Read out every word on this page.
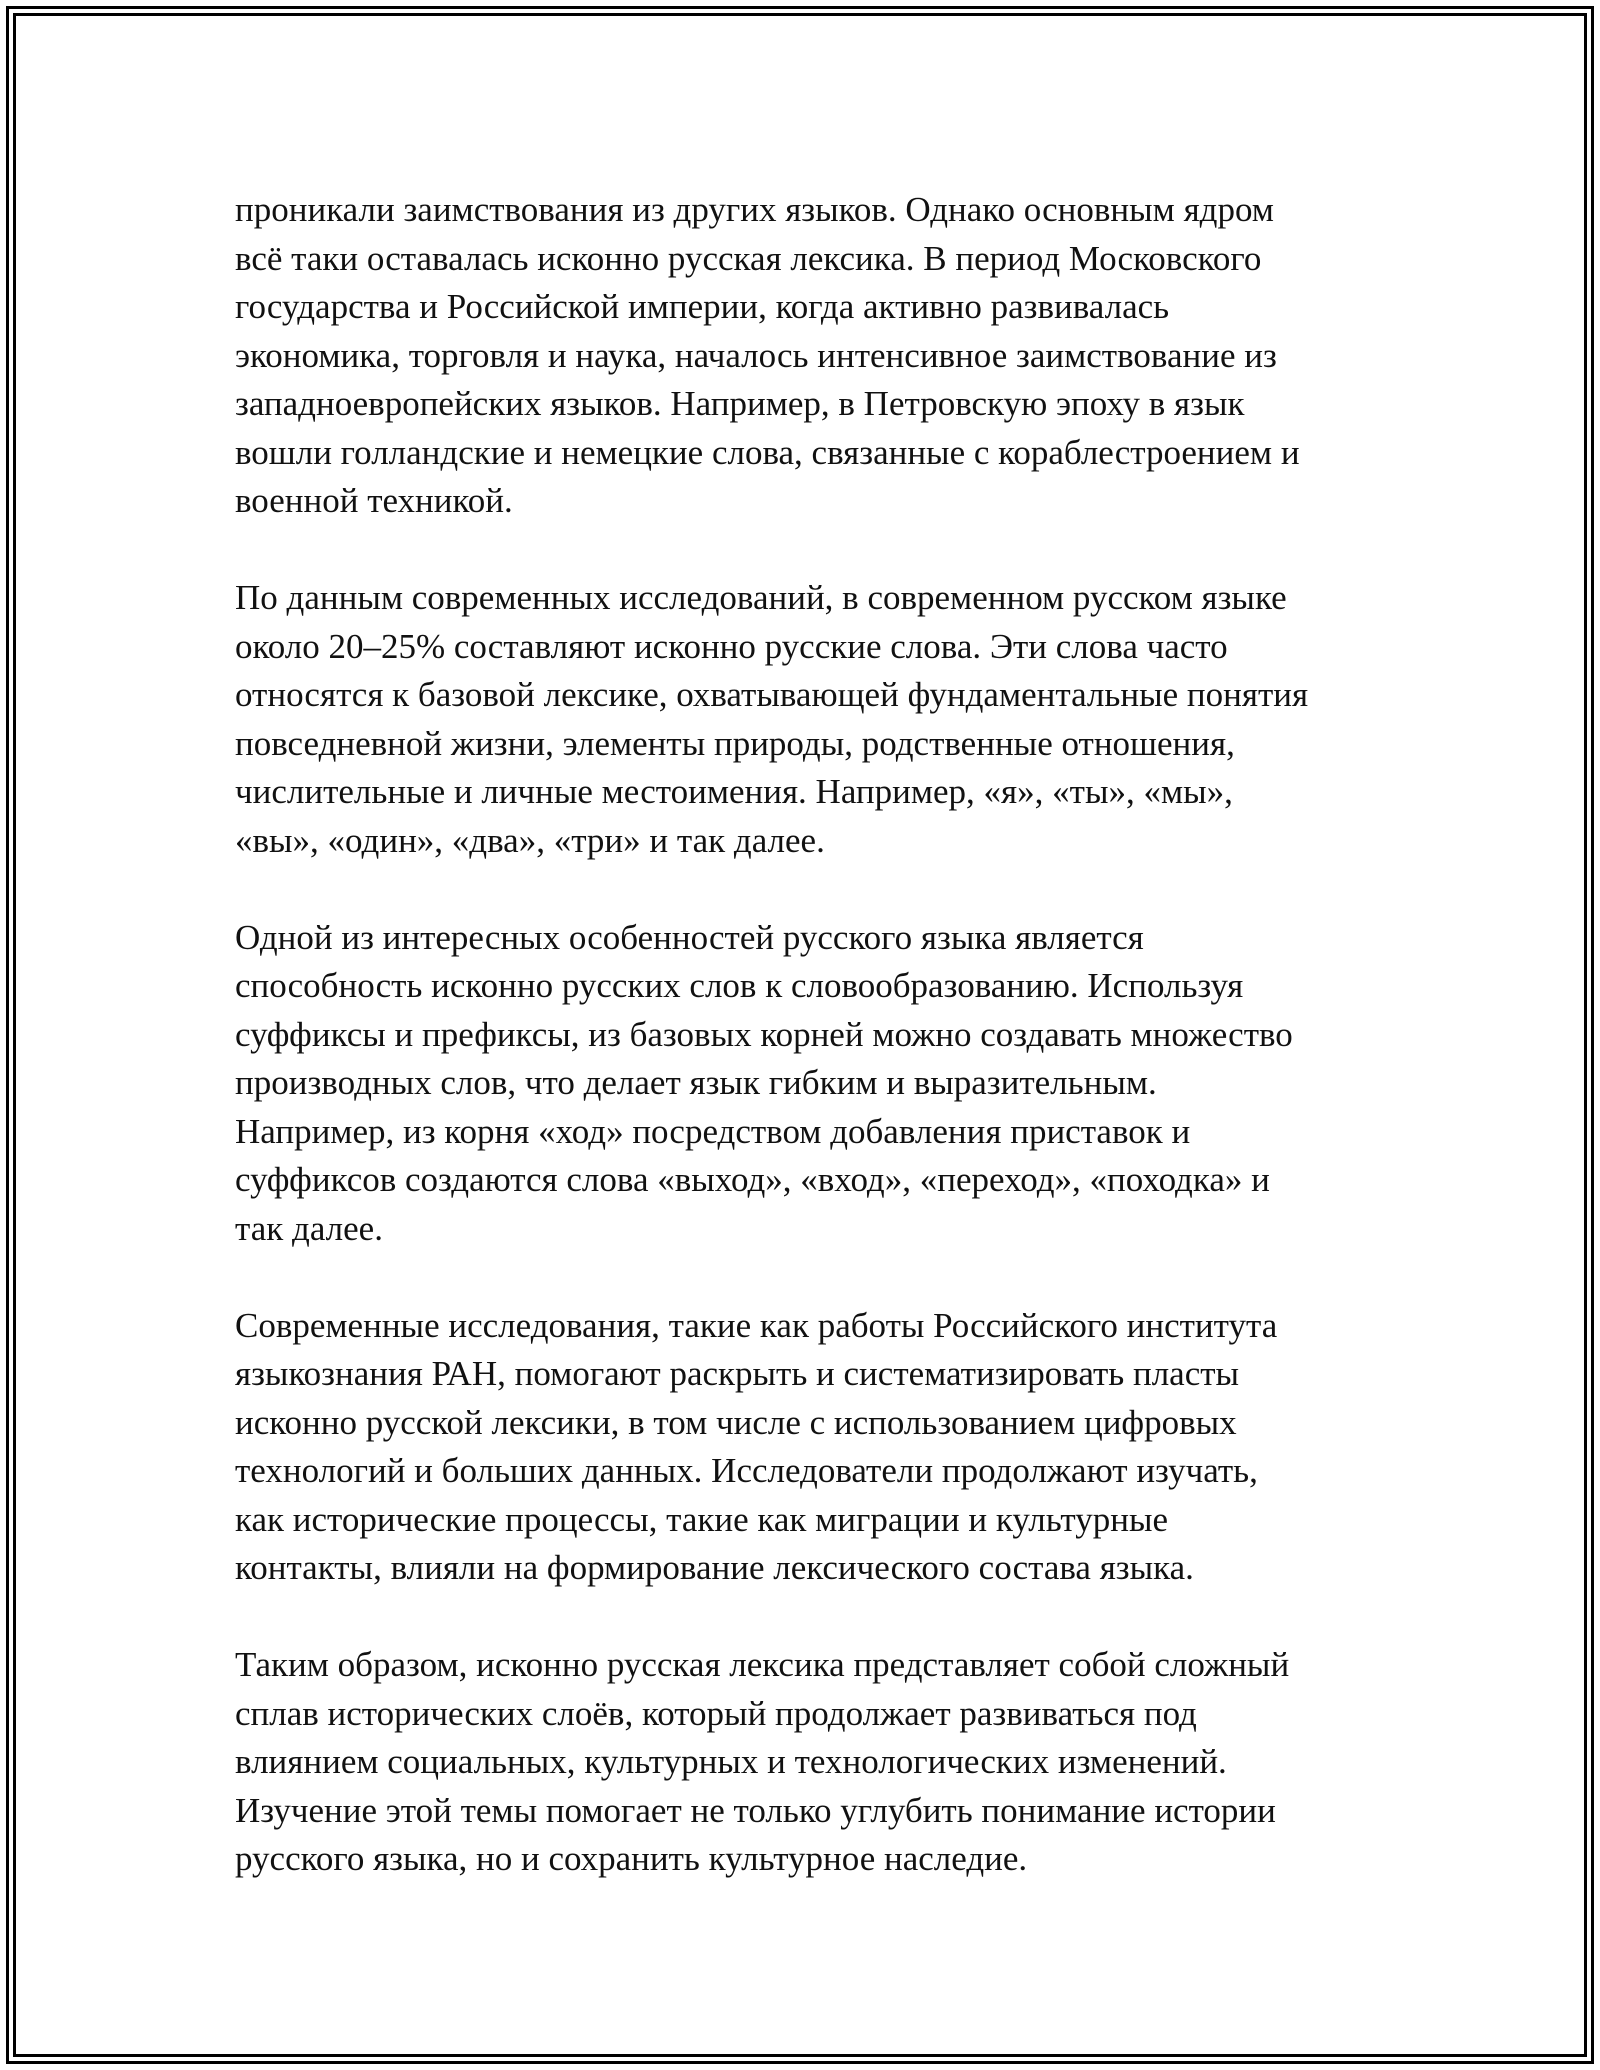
проникали заимствования из других языков. Однако основным ядром
всё таки оставалась исконно русская лексика. В период Московского
государства и Российской империи, когда активно развивалась
экономика, торговля и наука, началось интенсивное заимствование из
западноевропейских языков. Например, в Петровскую эпоху в язык
вошли голландские и немецкие слова, связанные с кораблестроением и
военной техникой.
По данным современных исследований, в современном русском языке
около 20–25% составляют исконно русские слова. Эти слова часто
относятся к базовой лексике, охватывающей фундаментальные понятия
повседневной жизни, элементы природы, родственные отношения,
числительные и личные местоимения. Например, «я», «ты», «мы»,
«вы», «один», «два», «три» и так далее.
Одной из интересных особенностей русского языка является
способность исконно русских слов к словообразованию. Используя
суффиксы и префиксы, из базовых корней можно создавать множество
производных слов, что делает язык гибким и выразительным.
Например, из корня «ход» посредством добавления приставок и
суффиксов создаются слова «выход», «вход», «переход», «походка» и
так далее.
Современные исследования, такие как работы Российского института
языкознания РАН, помогают раскрыть и систематизировать пласты
исконно русской лексики, в том числе с использованием цифровых
технологий и больших данных. Исследователи продолжают изучать,
как исторические процессы, такие как миграции и культурные
контакты, влияли на формирование лексического состава языка.
Таким образом, исконно русская лексика представляет собой сложный
сплав исторических слоёв, который продолжает развиваться под
влиянием социальных, культурных и технологических изменений.
Изучение этой темы помогает не только углубить понимание истории
русского языка, но и сохранить культурное наследие.
